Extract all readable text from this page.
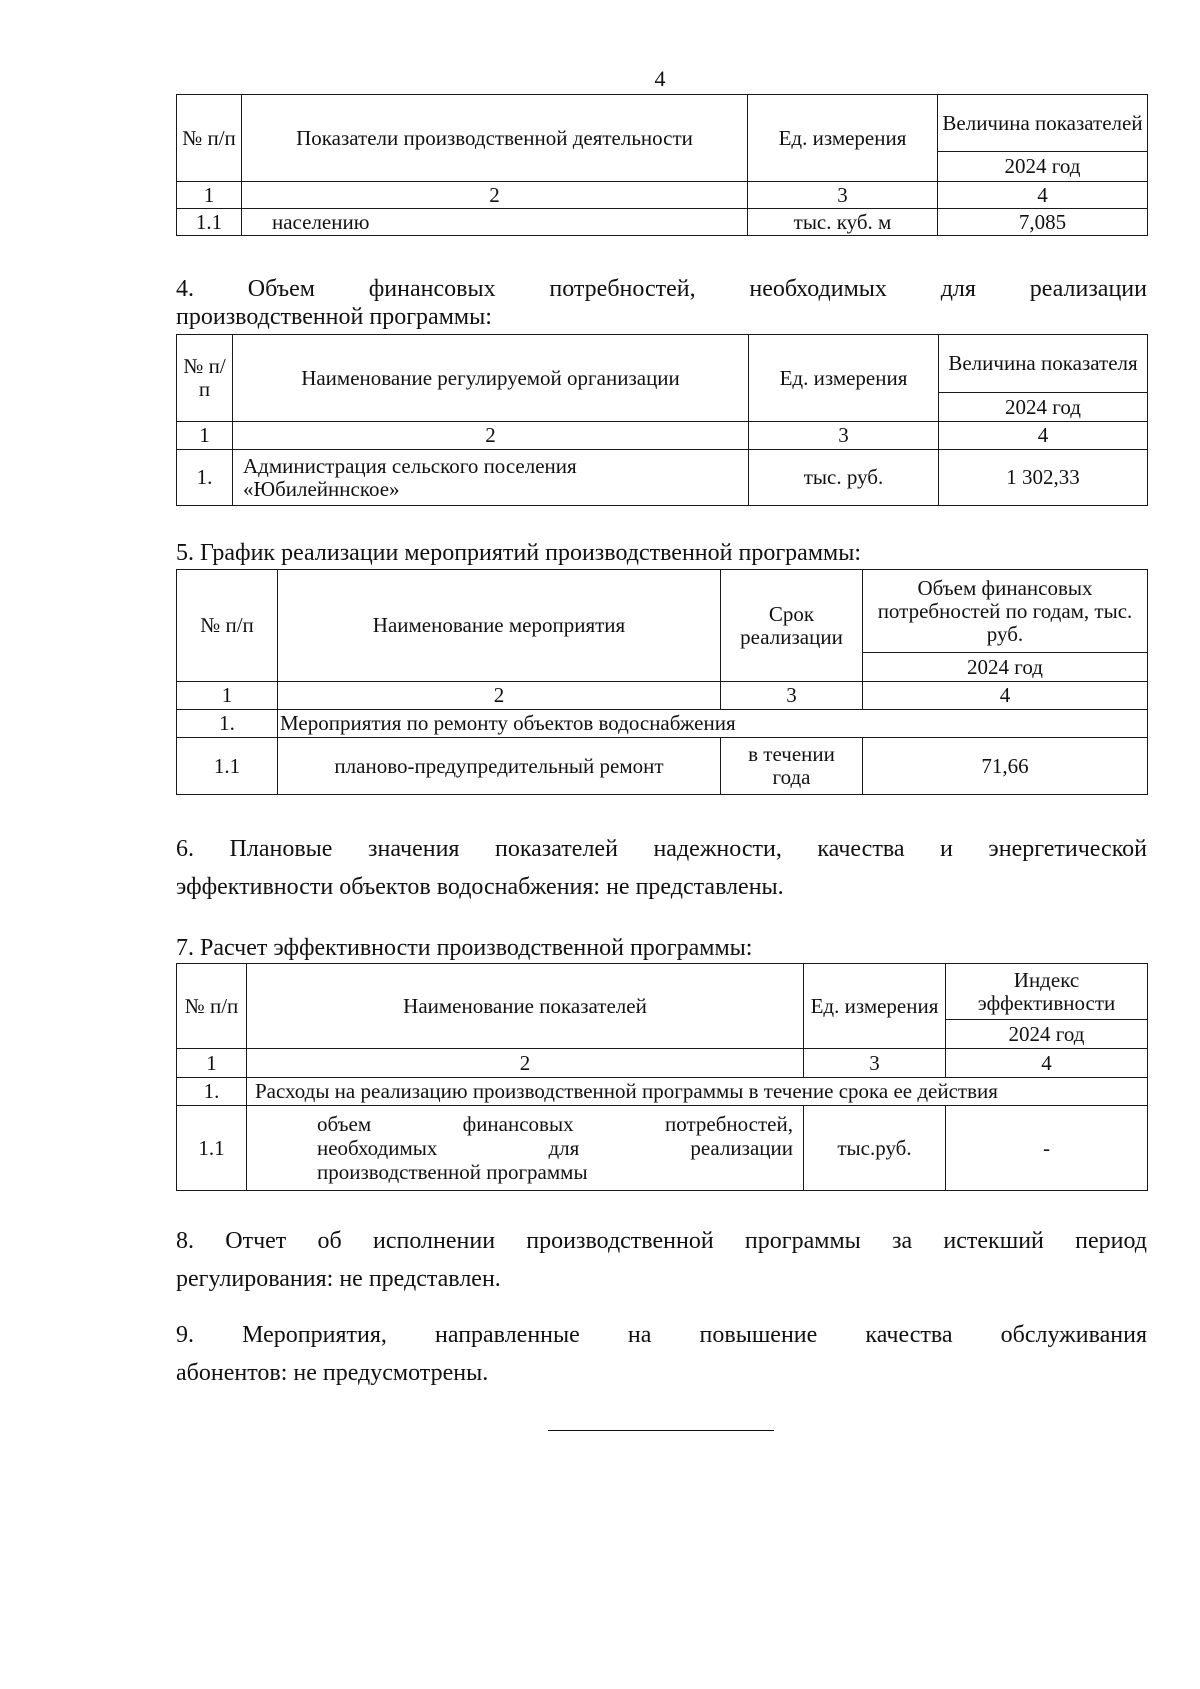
4
№ п/п	Показатели производственной деятельности	Ед. измерения	Величина показателей
			2024 год
1	2	3	4
1.1	населению	тыс. куб. м	7,085
4. Объем финансовых потребностей, необходимых для реализации
производственной программы:
№ п/п	Наименование регулируемой организации	Ед. измерения	Величина показателя
			2024 год
1	2	3	4
1.	Администрация сельского поселения «Юбилейннское»	тыс. руб.	1 302,33
5. График реализации мероприятий производственной программы:
№ п/п	Наименование мероприятия	Срок реализации	Объем финансовых потребностей по годам, тыс. руб.
			2024 год
1	2	3	4
1.	Мероприятия по ремонту объектов водоснабжения		
1.1	планово-предупредительный ремонт	в течении года	71,66
6. Плановые значения показателей надежности, качества и энергетической
эффективности объектов водоснабжения: не представлены.
7. Расчет эффективности производственной программы:
№ п/п	Наименование показателей	Ед. измерения	Индекс эффективности
			2024 год
1	2	3	4
1.	Расходы на реализацию производственной программы в течение срока ее действия		
1.1	объем финансовых потребностей,
необходимых для реализации
производственной программы	тыс.руб.	-
8. Отчет об исполнении производственной программы за истекший период
регулирования: не представлен.
9. Мероприятия, направленные на повышение качества обслуживания
абонентов: не предусмотрены.
